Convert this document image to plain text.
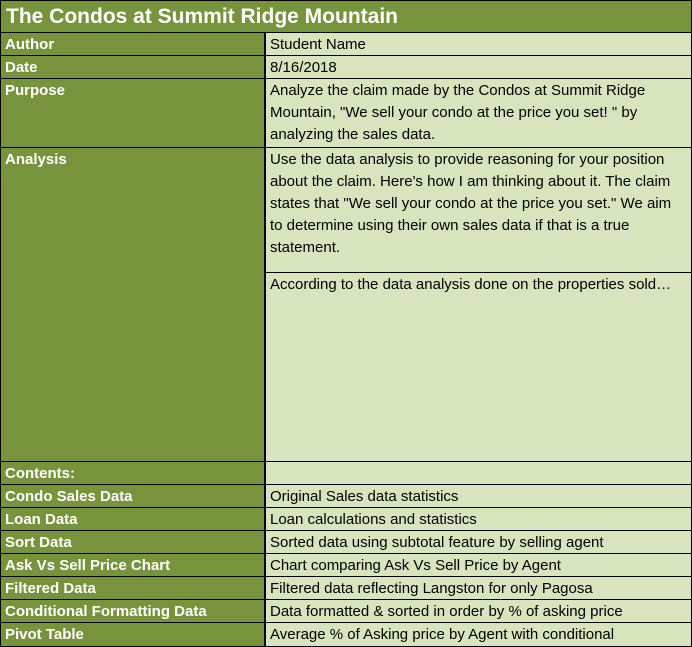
The Condos at Summit Ridge Mountain
Author	Student Name
Date	8/16/2018
Purpose	Analyze the claim made by the Condos at Summit Ridge Mountain, "We sell your condo at the price you set! " by analyzing the sales data.
Analysis	Use the data analysis to provide reasoning for your position about the claim. Here's how I am thinking about it. The claim states that "We sell your condo at the price you set." We aim to determine using their own sales data if that is a true statement.
According to the data analysis done on the properties sold…
Contents:
Condo Sales Data	Original Sales data statistics
Loan Data	Loan calculations and statistics
Sort Data	Sorted data using subtotal feature by selling agent
Ask Vs Sell Price Chart	Chart comparing Ask Vs Sell Price by Agent
Filtered Data	Filtered data reflecting Langston for only Pagosa
Conditional Formatting Data	Data formatted & sorted in order by % of asking price
Pivot Table	Average % of Asking price by Agent with conditional
